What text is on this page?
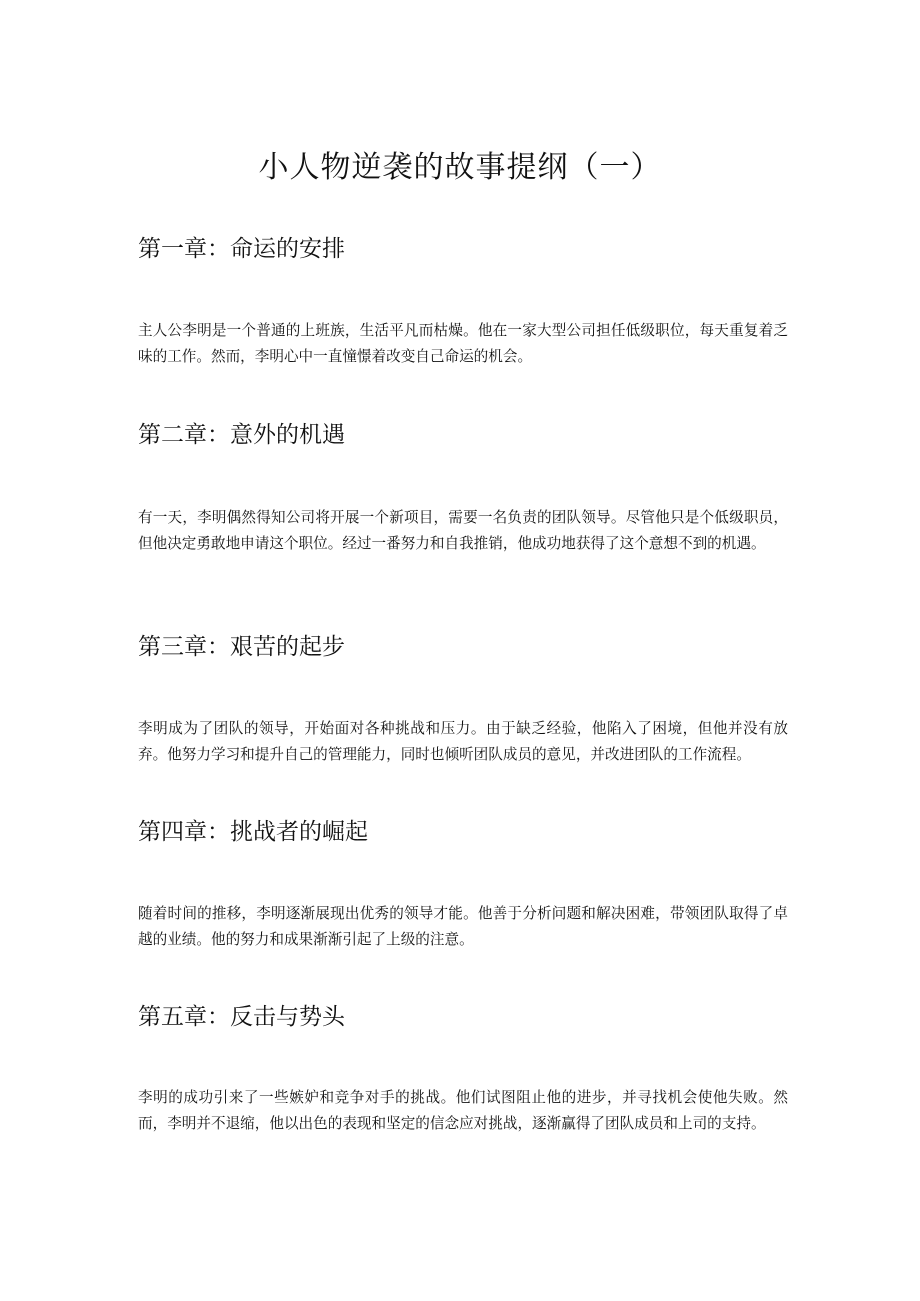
小人物逆袭的故事提纲（一）
第一章：命运的安排

主人公李明是一个普通的上班族，生活平凡而枯燥。他在一家大型公司担任低级职位，每天重复着乏味的工作。然而，李明心中一直憧憬着改变自己命运的机会。

第二章：意外的机遇

有一天，李明偶然得知公司将开展一个新项目，需要一名负责的团队领导。尽管他只是个低级职员，但他决定勇敢地申请这个职位。经过一番努力和自我推销，他成功地获得了这个意想不到的机遇。

第三章：艰苦的起步

李明成为了团队的领导，开始面对各种挑战和压力。由于缺乏经验，他陷入了困境，但他并没有放弃。他努力学习和提升自己的管理能力，同时也倾听团队成员的意见，并改进团队的工作流程。

第四章：挑战者的崛起

随着时间的推移，李明逐渐展现出优秀的领导才能。他善于分析问题和解决困难，带领团队取得了卓越的业绩。他的努力和成果渐渐引起了上级的注意。

第五章：反击与势头

李明的成功引来了一些嫉妒和竞争对手的挑战。他们试图阻止他的进步，并寻找机会使他失败。然而，李明并不退缩，他以出色的表现和坚定的信念应对挑战，逐渐赢得了团队成员和上司的支持。
